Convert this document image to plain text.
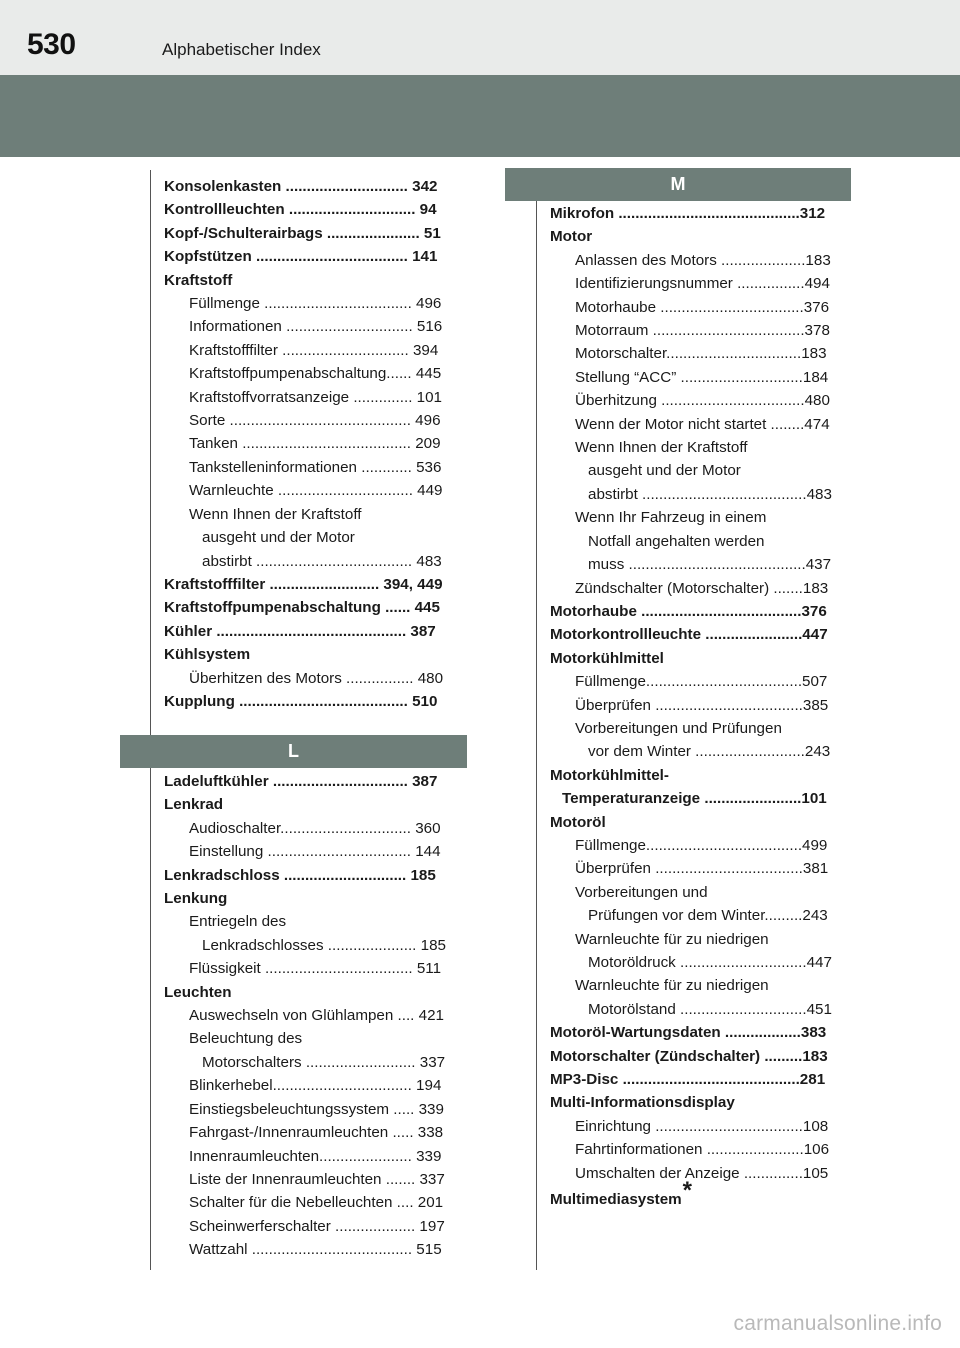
530	Alphabetischer Index
Konsolenkasten ............................. 342
Kontrollleuchten .............................. 94
Kopf-/Schulterairbags ...................... 51
Kopfstützen .................................... 141
Kraftstoff
Füllmenge ................................... 496
Informationen .............................. 516
Kraftstofffilter .............................. 394
Kraftstoffpumpenabschaltung...... 445
Kraftstoffvorratsanzeige .............. 101
Sorte ........................................... 496
Tanken ........................................ 209
Tankstelleninformationen ............ 536
Warnleuchte ................................ 449
Wenn Ihnen der Kraftstoff
ausgeht und der Motor
abstirbt ..................................... 483
Kraftstofffilter .......................... 394, 449
Kraftstoffpumpenabschaltung ...... 445
Kühler ............................................. 387
Kühlsystem
Überhitzen des Motors ................ 480
Kupplung ........................................ 510
L
Ladeluftkühler ................................ 387
Lenkrad
Audioschalter............................... 360
Einstellung .................................. 144
Lenkradschloss ............................. 185
Lenkung
Entriegeln des
Lenkradschlosses ..................... 185
Flüssigkeit ................................... 511
Leuchten
Auswechseln von Glühlampen .... 421
Beleuchtung des
Motorschalters .......................... 337
Blinkerhebel................................. 194
Einstiegsbeleuchtungssystem ..... 339
Fahrgast-/Innenraumleuchten ..... 338
Innenraumleuchten...................... 339
Liste der Innenraumleuchten ....... 337
Schalter für die Nebelleuchten .... 201
Scheinwerferschalter ................... 197
Wattzahl ...................................... 515
M
Mikrofon ...........................................312
Motor
Anlassen des Motors ....................183
Identifizierungsnummer ................494
Motorhaube ..................................376
Motorraum ....................................378
Motorschalter................................183
Stellung “ACC” .............................184
Überhitzung ..................................480
Wenn der Motor nicht startet ........474
Wenn Ihnen der Kraftstoff
ausgeht und der Motor
abstirbt .......................................483
Wenn Ihr Fahrzeug in einem
Notfall angehalten werden
muss ..........................................437
Zündschalter (Motorschalter) .......183
Motorhaube ......................................376
Motorkontrollleuchte .......................447
Motorkühlmittel
Füllmenge.....................................507
Überprüfen ...................................385
Vorbereitungen und Prüfungen
vor dem Winter ..........................243
Motorkühlmittel-
Temperaturanzeige .......................101
Motoröl
Füllmenge.....................................499
Überprüfen ...................................381
Vorbereitungen und
Prüfungen vor dem Winter.........243
Warnleuchte für zu niedrigen
Motoröldruck ..............................447
Warnleuchte für zu niedrigen
Motorölstand ..............................451
Motoröl-Wartungsdaten ..................383
Motorschalter (Zündschalter) .........183
MP3-Disc ..........................................281
Multi-Informationsdisplay
Einrichtung ...................................108
Fahrtinformationen .......................106
Umschalten der Anzeige ..............105
Multimediasystem*
carmanualsonline.info
